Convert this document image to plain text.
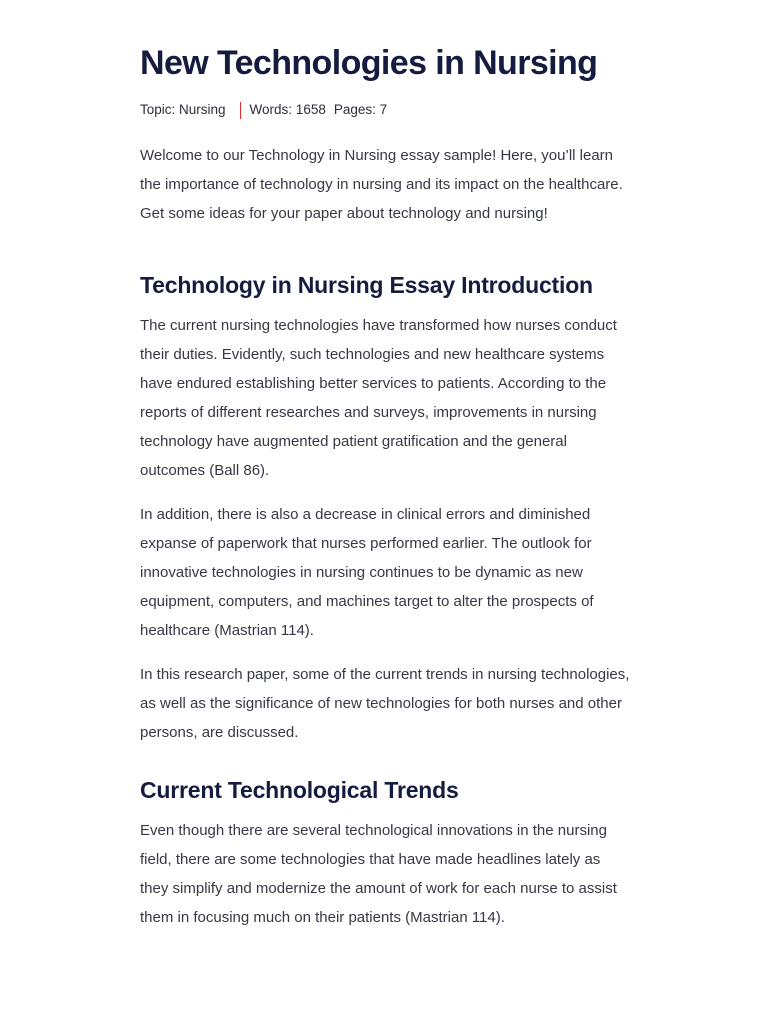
New Technologies in Nursing
Topic: Nursing Words: 1658 Pages: 7

Welcome to our Technology in Nursing essay sample! Here, you’ll learn the importance of technology in nursing and its impact on the healthcare. Get some ideas for your paper about technology and nursing!

Technology in Nursing Essay Introduction

The current nursing technologies have transformed how nurses conduct their duties. Evidently, such technologies and new healthcare systems have endured establishing better services to patients. According to the reports of different researches and surveys, improvements in nursing technology have augmented patient gratification and the general outcomes (Ball 86).

In addition, there is also a decrease in clinical errors and diminished expanse of paperwork that nurses performed earlier. The outlook for innovative technologies in nursing continues to be dynamic as new equipment, computers, and machines target to alter the prospects of healthcare (Mastrian 114).

In this research paper, some of the current trends in nursing technologies, as well as the significance of new technologies for both nurses and other persons, are discussed.

Current Technological Trends

Even though there are several technological innovations in the nursing field, there are some technologies that have made headlines lately as they simplify and modernize the amount of work for each nurse to assist them in focusing much on their patients (Mastrian 114).
